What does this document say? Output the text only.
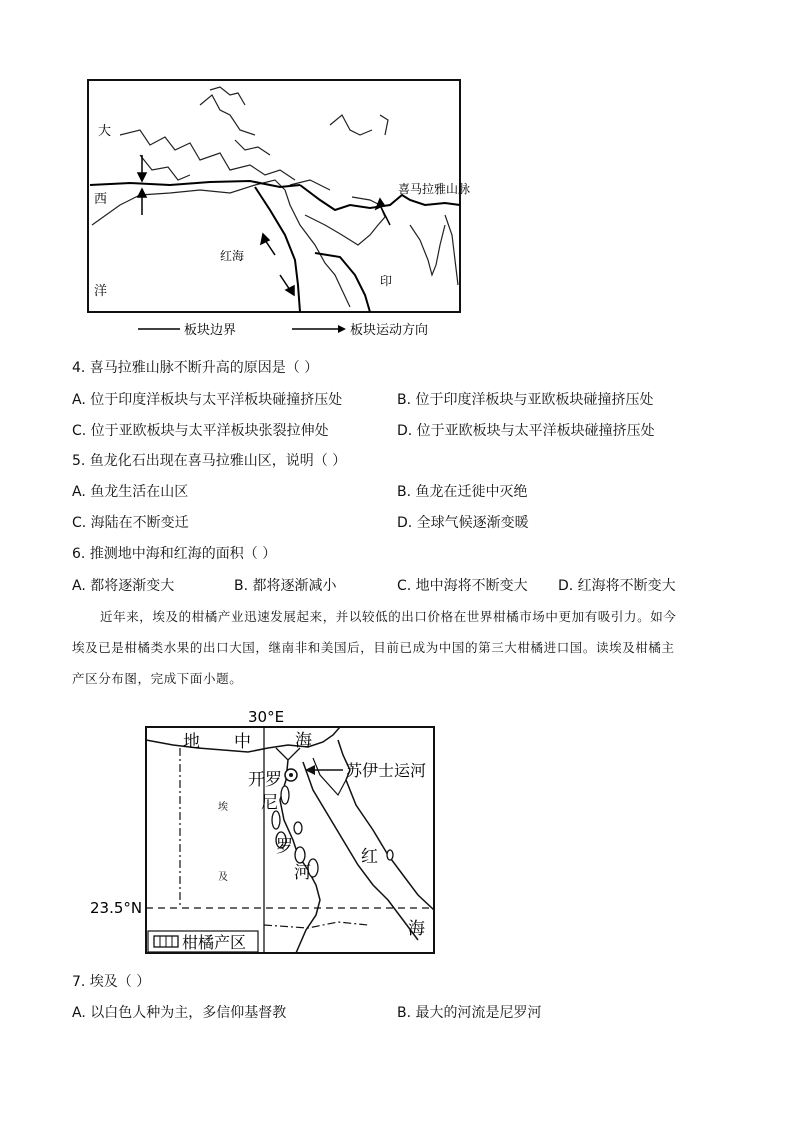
大
西
洋
喜马拉雅山脉
红海
印
板块边界	板块运动方向
4. 喜马拉雅山脉不断升高的原因是（ ）
A. 位于印度洋板块与太平洋板块碰撞挤压处	B. 位于印度洋板块与亚欧板块碰撞挤压处
C. 位于亚欧板块与太平洋板块张裂拉伸处	D. 位于亚欧板块与太平洋板块碰撞挤压处
5. 鱼龙化石出现在喜马拉雅山区，说明（ ）
A. 鱼龙生活在山区	B. 鱼龙在迁徙中灭绝
C. 海陆在不断变迁	D. 全球气候逐渐变暖
6. 推测地中海和红海的面积（ ）
A. 都将逐渐变大	B. 都将逐渐减小	C. 地中海将不断变大 D. 红海将不断变大
近年来，埃及的柑橘产业迅速发展起来，并以较低的出口价格在世界柑橘市场中更加有吸引力。如今
埃及已是柑橘类水果的出口大国，继南非和美国后，目前已成为中国的第三大柑橘进口国。读埃及柑橘主
产区分布图，完成下面小题。
30°E
23.5°N
地 中	海
苏伊士运河
开罗
尼
罗
河
埃
及
红
海
柑橘产区
7. 埃及（ ）
A. 以白色人种为主，多信仰基督教	B. 最大的河流是尼罗河
